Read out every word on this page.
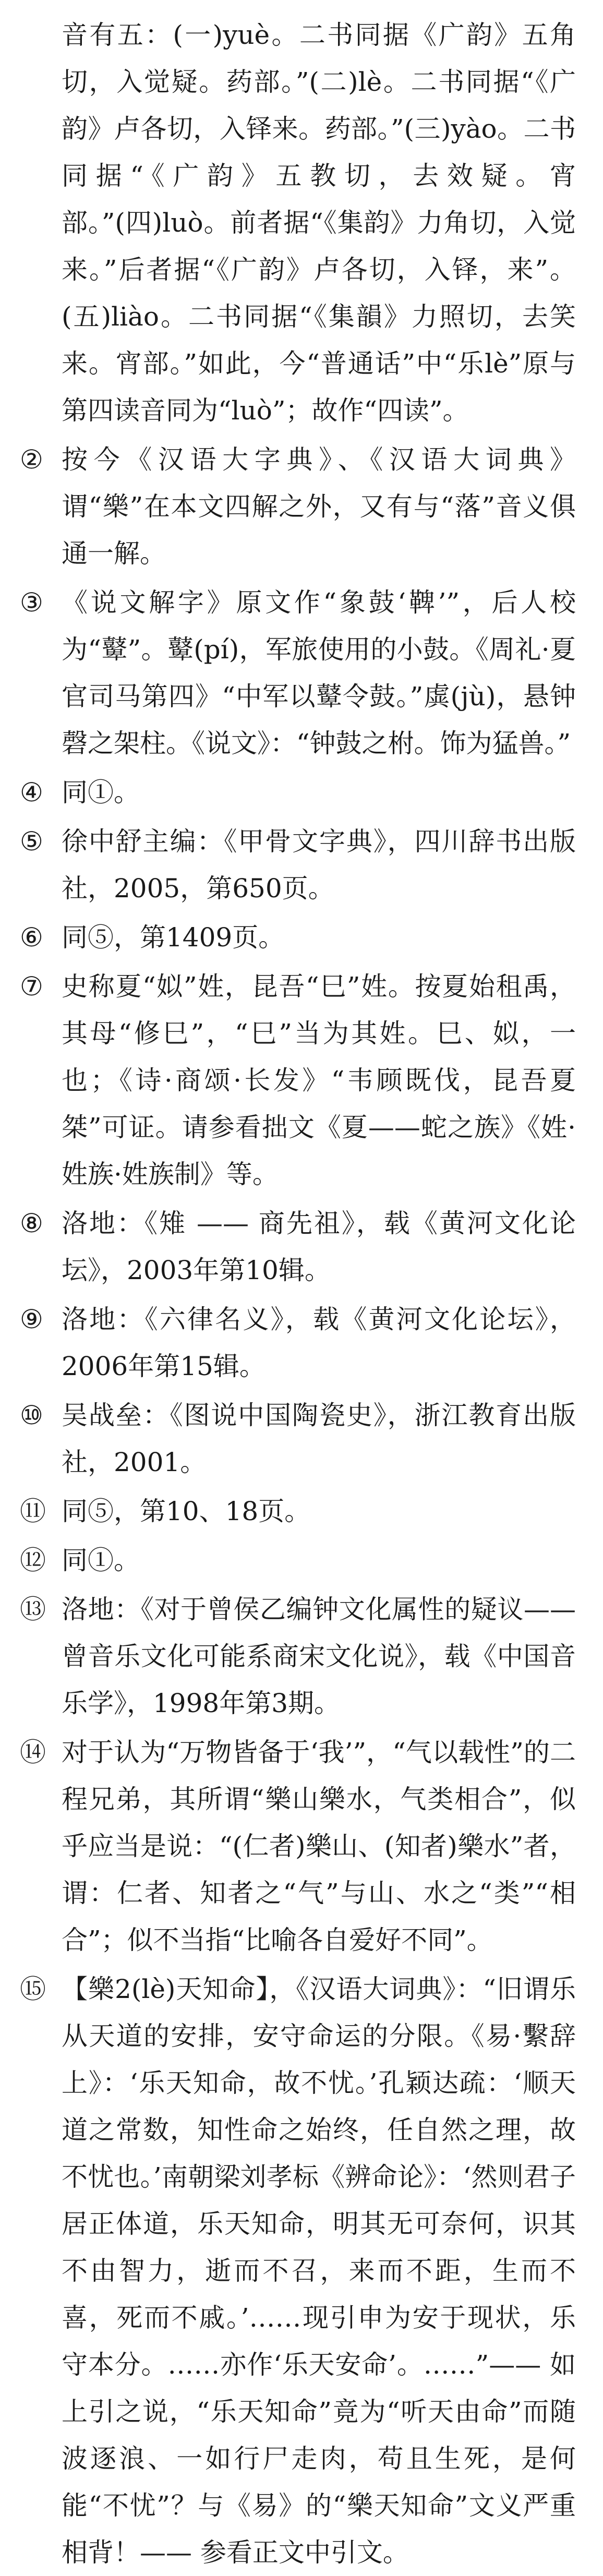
音有五：(一)yuè。二书同据《广韵》五角切，入觉疑。药部。”(二)lè。二书同据“《广韵》卢各切，入铎来。药部。”(三)yào。二书同据“《广韵》五教切，去效疑。宵部。”(四)luò。前者据“《集韵》力角切，入觉来。”后者据“《广韵》卢各切，入铎，来”。(五)liào。二书同据“《集韻》力照切，去笑来。宵部。”如此，今“普通话”中“乐lè”原与第四读音同为“luò”；故作“四读”。

② 按今《汉语大字典》、《汉语大词典》谓“樂”在本文四解之外，又有与“落”音义俱通一解。
③ 《说文解字》原文作“象鼓‘鞞’”，后人校为“鼙”。鼙(pí)，军旅使用的小鼓。《周礼·夏官司马第四》“中军以鼙令鼓。”虡(jù)，悬钟磬之架柱。《说文》：“钟鼓之柎。饰为猛兽。”
④ 同①。
⑤ 徐中舒主编：《甲骨文字典》，四川辞书出版社，2005，第650页。
⑥ 同⑤，第1409页。
⑦ 史称夏“姒”姓，昆吾“巳”姓。按夏始租禹，其母“修巳”，“巳”当为其姓。巳、姒，一也；《诗·商颂·长发》“韦顾既伐，昆吾夏桀”可证。请参看拙文《夏——蛇之族》《姓·姓族·姓族制》等。
⑧ 洛地：《雉 —— 商先祖》，载《黄河文化论坛》，2003年第10辑。
⑨ 洛地：《六律名义》，载《黄河文化论坛》，2006年第15辑。
⑩ 吴战垒：《图说中国陶瓷史》，浙江教育出版社，2001。
⑪ 同⑤，第10、18页。
⑫ 同①。
⑬ 洛地：《对于曾侯乙编钟文化属性的疑议——曾音乐文化可能系商宋文化说》，载《中国音乐学》，1998年第3期。
⑭ 对于认为“万物皆备于‘我’”，“气以载性”的二程兄弟，其所谓“樂山樂水，气类相合”，似乎应当是说：“(仁者)樂山、(知者)樂水”者，谓：仁者、知者之“气”与山、水之“类”“相合”；似不当指“比喻各自爱好不同”。
⑮ 【樂2(lè)天知命】，《汉语大词典》：“旧谓乐从天道的安排，安守命运的分限。《易·繫辞上》：‘乐天知命，故不忧。’孔颖达疏：‘顺天道之常数，知性命之始终，任自然之理，故不忧也。’南朝梁刘孝标《辨命论》：‘然则君子居正体道，乐天知命，明其无可奈何，识其不由智力，逝而不召，来而不距，生而不喜，死而不戚。’……现引申为安于现状，乐守本分。……亦作‘乐天安命’。……”—— 如上引之说，“乐天知命”竟为“听天由命”而随波逐浪、一如行尸走肉，苟且生死，是何能“不忧”？与《易》的“樂天知命”文义严重相背！—— 参看正文中引文。
